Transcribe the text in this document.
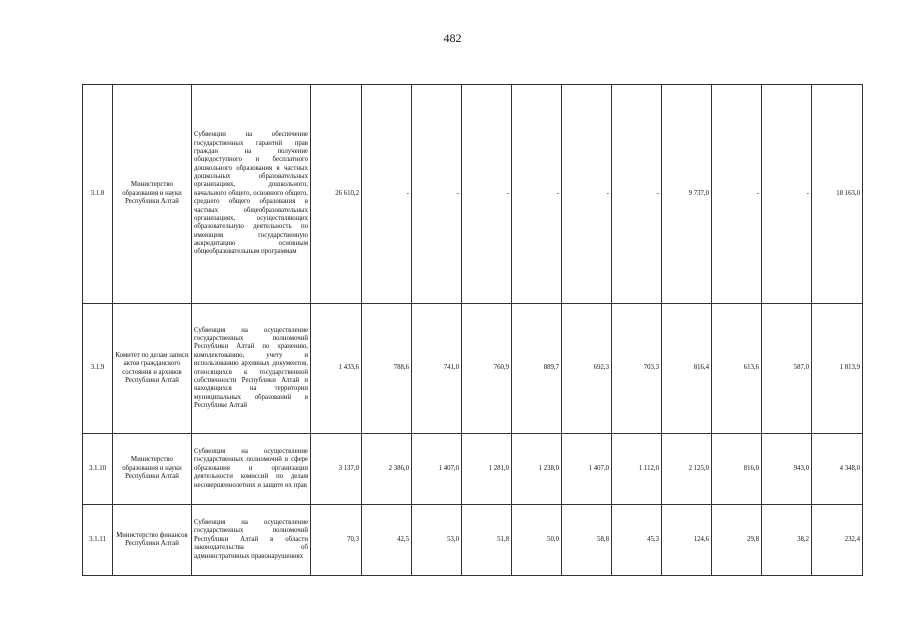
482
3.1.8	Министерство образования и науки Республики Алтай	Субвенции на обеспечение государственных гарантий прав граждан на получение общедоступного и бесплатного дошкольного образования в частных дошкольных образовательных организациях, дошкольного, начального общего, основного общего, среднего общего образования в частных общеобразовательных организациях, осуществляющих образовательную деятельность по имеющим государственную аккредитацию основным общеобразовательным программам	26 610,2	-	-	-	-	-	-	9 737,0	-	-	18 163,0
3.1.9	Комитет по делам записи актов гражданского состояния и архивов Республики Алтай	Субвенция на осуществление государственных полномочий Республики Алтай по хранению, комплектованию, учету и использованию архивных документов, относящихся к государственной собственности Республики Алтай и находящихся на территории муниципальных образований в Республике Алтай	1 433,6	788,6	741,0	760,9	889,7	692,3	703,3	816,4	613,6	587,0	1 813,9
3.1.10	Министерство образования и науки Республики Алтай	Субвенция на осуществление государственных полномочий в сфере образования и организации деятельности комиссий по делам несовершеннолетних и защите их прав	3 137,0	2 386,0	1 407,0	1 281,0	1 238,0	1 407,0	1 112,0	2 125,0	816,0	943,0	4 348,0
3.1.11	Министерство финансов Республики Алтай	Субвенция на осуществление государственных полномочий Республики Алтай в области законодательства об административных правонарушениях	70,3	42,5	53,0	51,8	50,0	58,8	45,3	124,6	29,8	38,2	232,4
